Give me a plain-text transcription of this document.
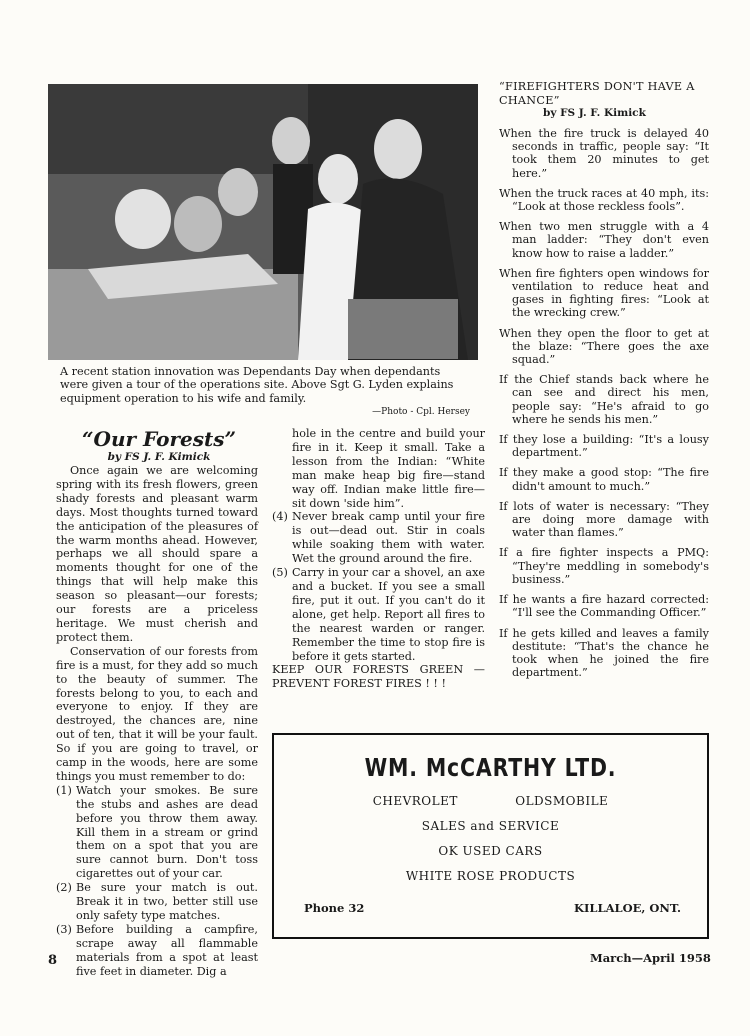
A recent station innovation was Dependants Day when dependants were given a tour of the operations site. Above Sgt G. Lyden explains equipment operation to his wife and family.
—Photo - Cpl. Hersey
“Our Forests”
by FS J. F. Kimick

Once again we are welcoming spring with its fresh flowers, green shady forests and pleasant warm days. Most thoughts turned toward the anticipation of the pleasures of the warm months ahead. However, perhaps we all should spare a moments thought for one of the things that will help make this season so pleasant—our forests; our forests are a priceless heritage. We must cherish and protect them.

Conservation of our forests from fire is a must, for they add so much to the beauty of summer. The forests belong to you, to each and everyone to enjoy. If they are destroyed, the chances are, nine out of ten, that it will be your fault. So if you are going to travel, or camp in the woods, here are some things you must remember to do:

(1) Watch your smokes. Be sure the stubs and ashes are dead before you throw them away. Kill them in a stream or grind them on a spot that you are sure cannot burn. Don't toss cigarettes out of your car.
(2) Be sure your match is out. Break it in two, better still use only safety type matches.
(3) Before building a campfire, scrape away all flammable materials from a spot at least five feet in diameter. Dig a

hole in the centre and build your fire in it. Keep it small. Take a lesson from the Indian: “White man make heap big fire—stand way off. Indian make little fire—sit down 'side him”.

(4) Never break camp until your fire is out—dead out. Stir in coals while soaking them with water. Wet the ground around the fire.
(5) Carry in your car a shovel, an axe and a bucket. If you see a small fire, put it out. If you can't do it alone, get help. Report all fires to the nearest warden or ranger. Remember the time to stop fire is before it gets started.

KEEP OUR FORESTS GREEN — PREVENT FOREST FIRES ! ! !

“FIREFIGHTERS DON'T HAVE A CHANCE”

by FS J. F. Kimick

When the fire truck is delayed 40 seconds in traffic, people say: “It took them 20 minutes to get here.”

When the truck races at 40 mph, its: “Look at those reckless fools”.

When two men struggle with a 4 man ladder: “They don't even know how to raise a ladder.”

When fire fighters open windows for ventilation to reduce heat and gases in fighting fires: “Look at the wrecking crew.”

When they open the floor to get at the blaze: “There goes the axe squad.”

If the Chief stands back where he can see and direct his men, people say: “He's afraid to go where he sends his men.”

If they lose a building: “It's a lousy department.”

If they make a good stop: “The fire didn't amount to much.”

If lots of water is necessary: “They are doing more damage with water than flames.”

If a fire fighter inspects a PMQ: “They're meddling in somebody's business.”

If he wants a fire hazard corrected: “I'll see the Commanding Officer.”

If he gets killed and leaves a family destitute: “That's the chance he took when he joined the fire department.”

WM. McCARTHY LTD.
CHEVROLET	OLDSMOBILE
SALES and SERVICE
OK USED CARS
WHITE ROSE PRODUCTS
Phone 32	KILLALOE, ONT.
8	March—April 1958
